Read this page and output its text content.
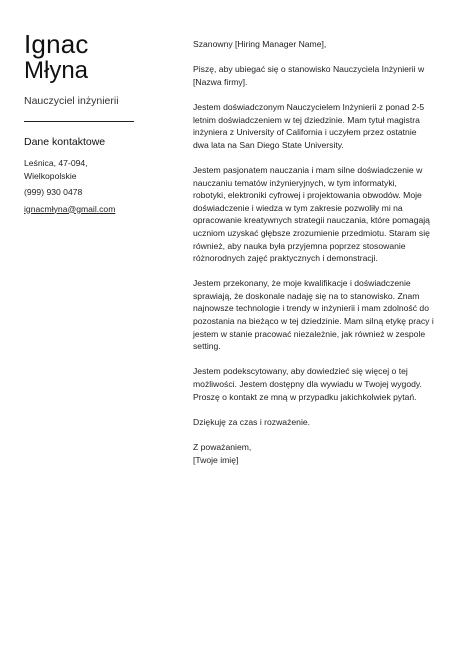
Ignac
Młyna
Nauczyciel inżynierii
Dane kontaktowe
Leśnica, 47-094,
Wielkopolskie
(999) 930 0478
ignacmłyna@gmail.com
Szanowny [Hiring Manager Name],
Piszę, aby ubiegać się o stanowisko Nauczyciela Inżynierii w
[Nazwa firmy].
Jestem doświadczonym Nauczycielem Inżynierii z ponad 2-5
letnim doświadczeniem w tej dziedzinie. Mam tytuł magistra
inżyniera z University of California i uczyłem przez ostatnie
dwa lata na San Diego State University.
Jestem pasjonatem nauczania i mam silne doświadczenie w
nauczaniu tematów inżynieryjnych, w tym informatyki,
robotyki, elektroniki cyfrowej i projektowania obwodów. Moje
doświadczenie i wiedza w tym zakresie pozwoliły mi na
opracowanie kreatywnych strategii nauczania, które pomagają
uczniom uzyskać głębsze zrozumienie przedmiotu. Staram się
również, aby nauka była przyjemna poprzez stosowanie
różnorodnych zajęć praktycznych i demonstracji.
Jestem przekonany, że moje kwalifikacje i doświadczenie
sprawiają, że doskonale nadaję się na to stanowisko. Znam
najnowsze technologie i trendy w inżynierii i mam zdolność do
pozostania na bieżąco w tej dziedzinie. Mam silną etykę pracy i
jestem w stanie pracować niezależnie, jak również w zespole
setting.
Jestem podekscytowany, aby dowiedzieć się więcej o tej
możliwości. Jestem dostępny dla wywiadu w Twojej wygody.
Proszę o kontakt ze mną w przypadku jakichkolwiek pytań.
Dziękuję za czas i rozważenie.
Z poważaniem,
[Twoje imię]
